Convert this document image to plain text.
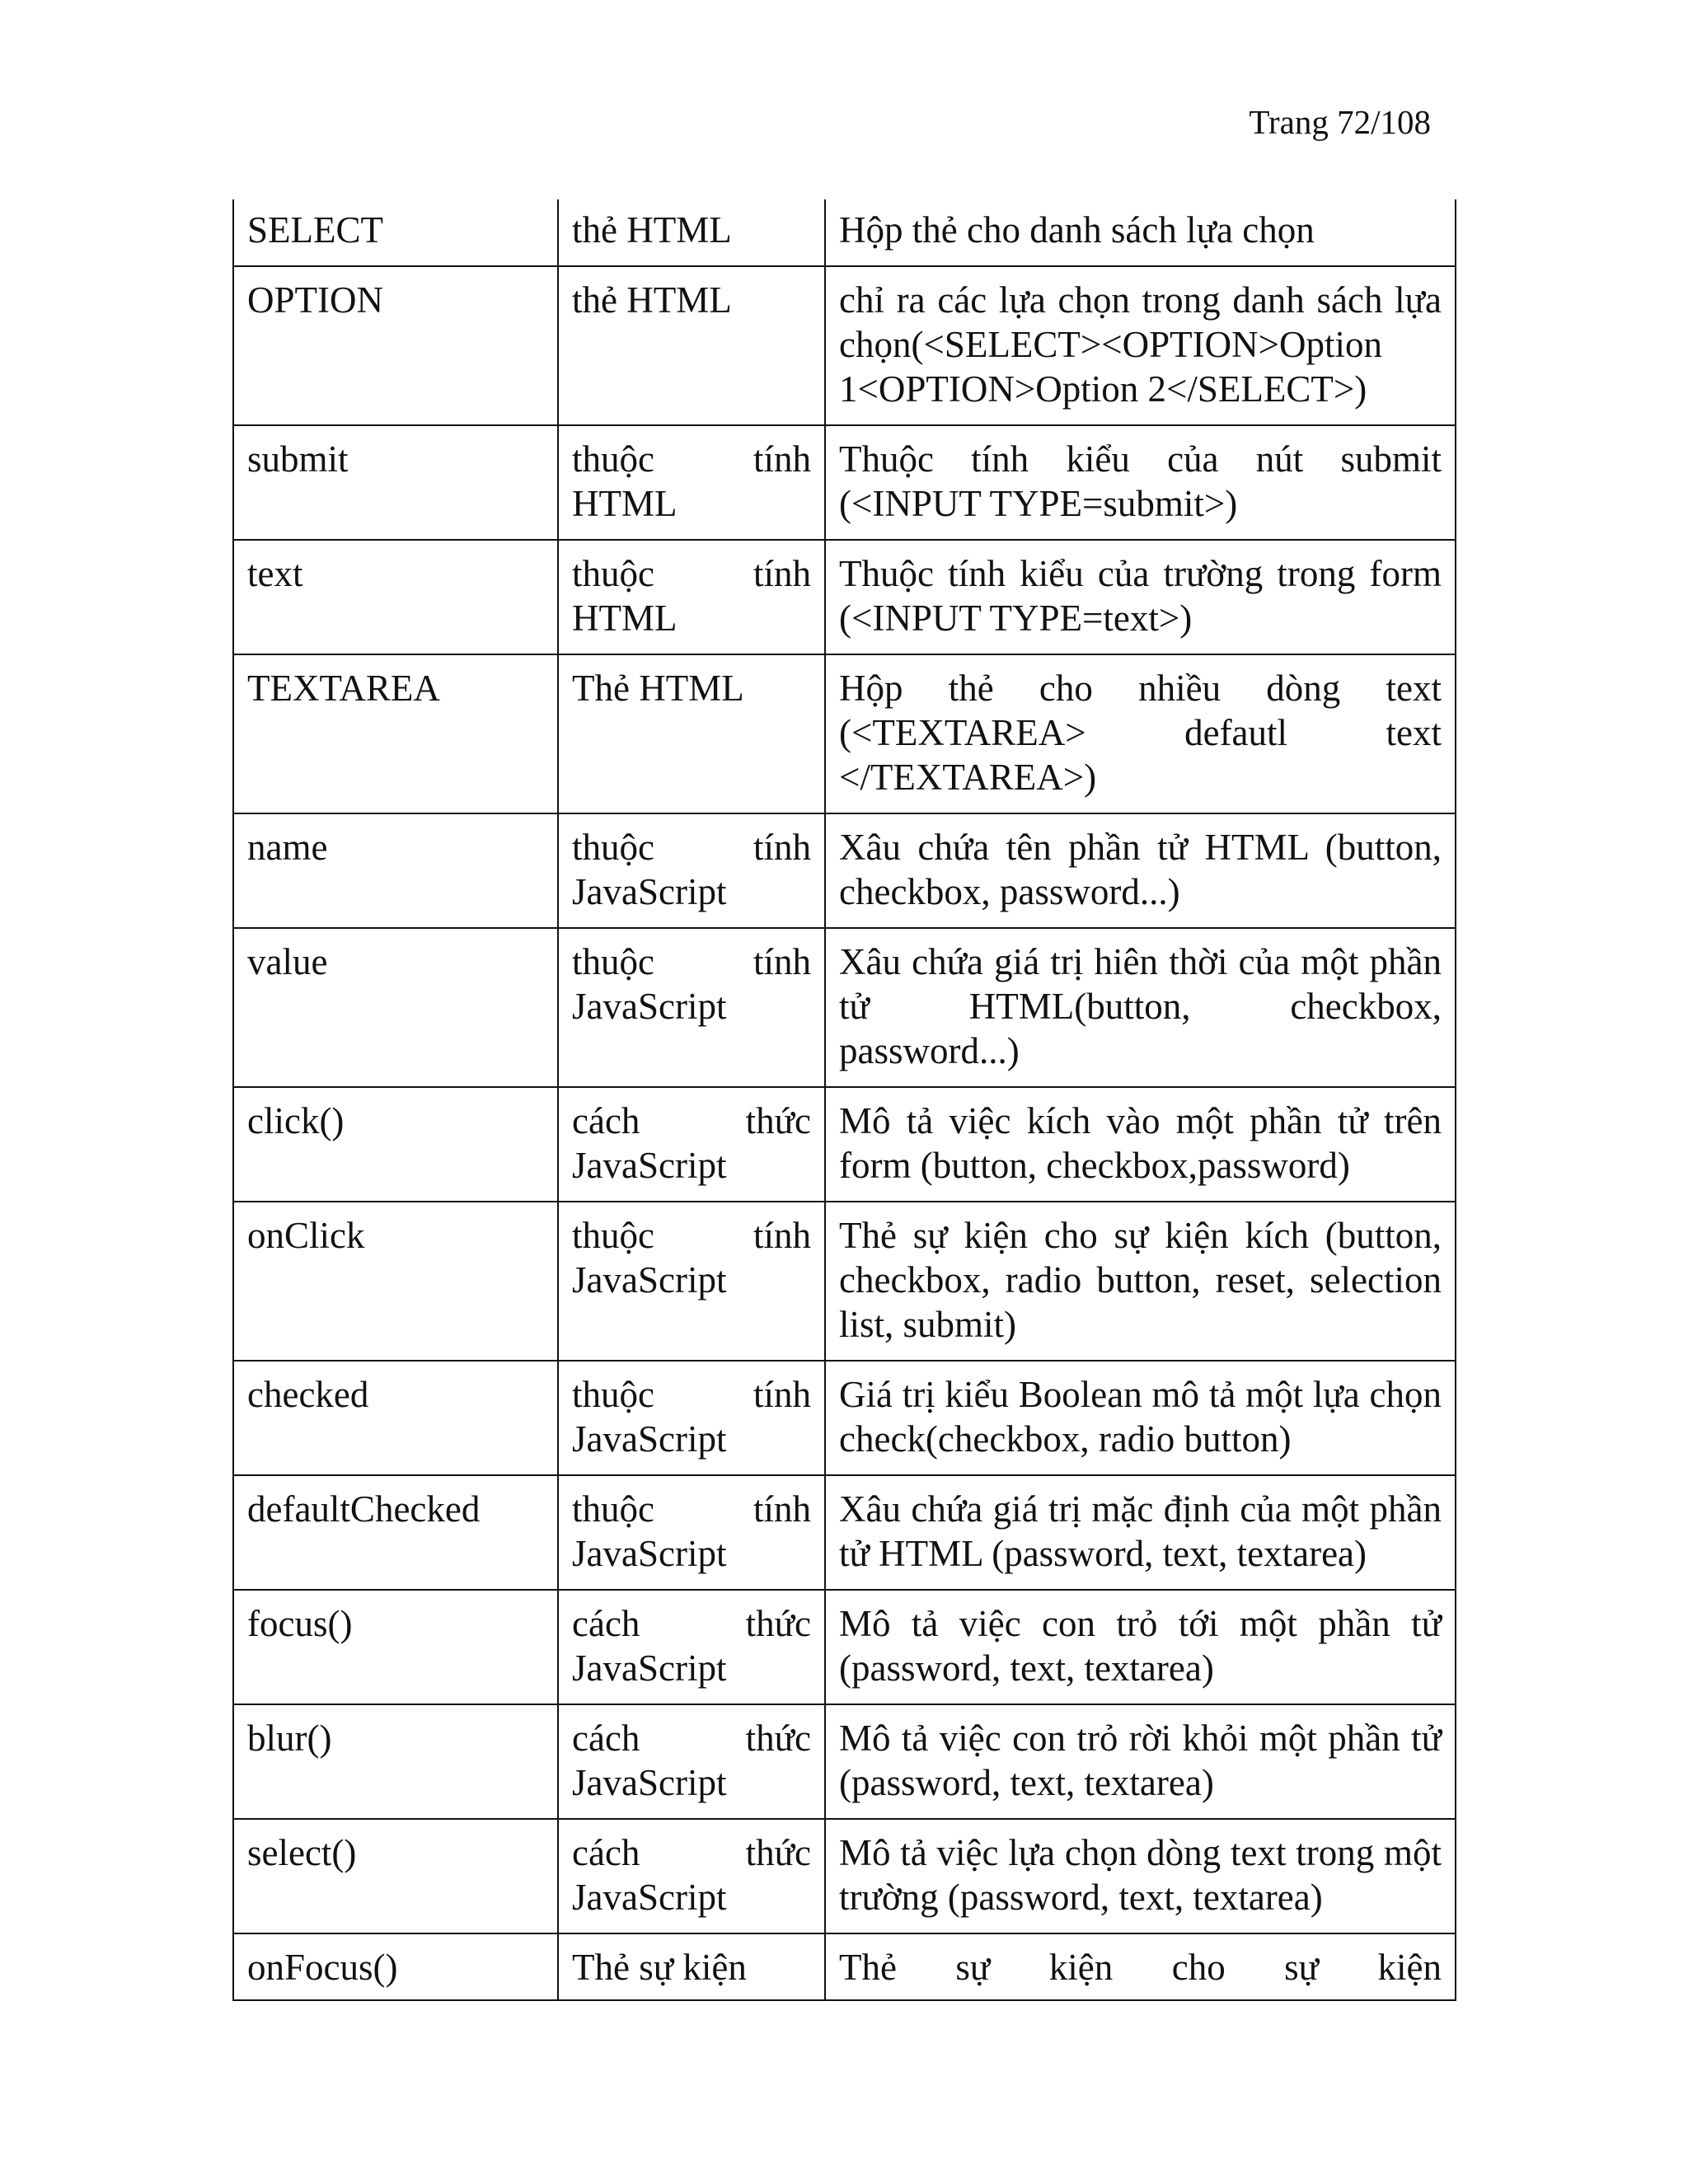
Trang 72/108
SELECT	thẻ HTML	Hộp thẻ cho danh sách lựa chọn
OPTION	thẻ HTML	chỉ ra các lựa chọn trong danh sách lựa chọn(<SELECT><OPTION>Option 1<OPTION>Option 2</SELECT>)
submit	thuộc tính HTML	Thuộc tính kiểu của nút submit (<INPUT TYPE=submit>)
text	thuộc tính HTML	Thuộc tính kiểu của trường trong form (<INPUT TYPE=text>)
TEXTAREA	Thẻ HTML	Hộp thẻ cho nhiều dòng text (<TEXTAREA> defautl text </TEXTAREA>)
name	thuộc tính JavaScript	Xâu chứa tên phần tử HTML (button, checkbox, password...)
value	thuộc tính JavaScript	Xâu chứa giá trị hiên thời của một phần tử HTML(button, checkbox, password...)
click()	cách thức JavaScript	Mô tả việc kích vào một phần tử trên form (button, checkbox,password)
onClick	thuộc tính JavaScript	Thẻ sự kiện cho sự kiện kích (button, checkbox, radio button, reset, selection list, submit)
checked	thuộc tính JavaScript	Giá trị kiểu Boolean mô tả một lựa chọn check(checkbox, radio button)
defaultChecked	thuộc tính JavaScript	Xâu chứa giá trị mặc định của một phần tử HTML (password, text, textarea)
focus()	cách thức JavaScript	Mô tả việc con trỏ tới một phần tử (password, text, textarea)
blur()	cách thức JavaScript	Mô tả việc con trỏ rời khỏi một phần tử (password, text, textarea)
select()	cách thức JavaScript	Mô tả việc lựa chọn dòng text trong một trường (password, text, textarea)
onFocus()	Thẻ sự kiện	Thẻ sự kiện cho sự kiện
